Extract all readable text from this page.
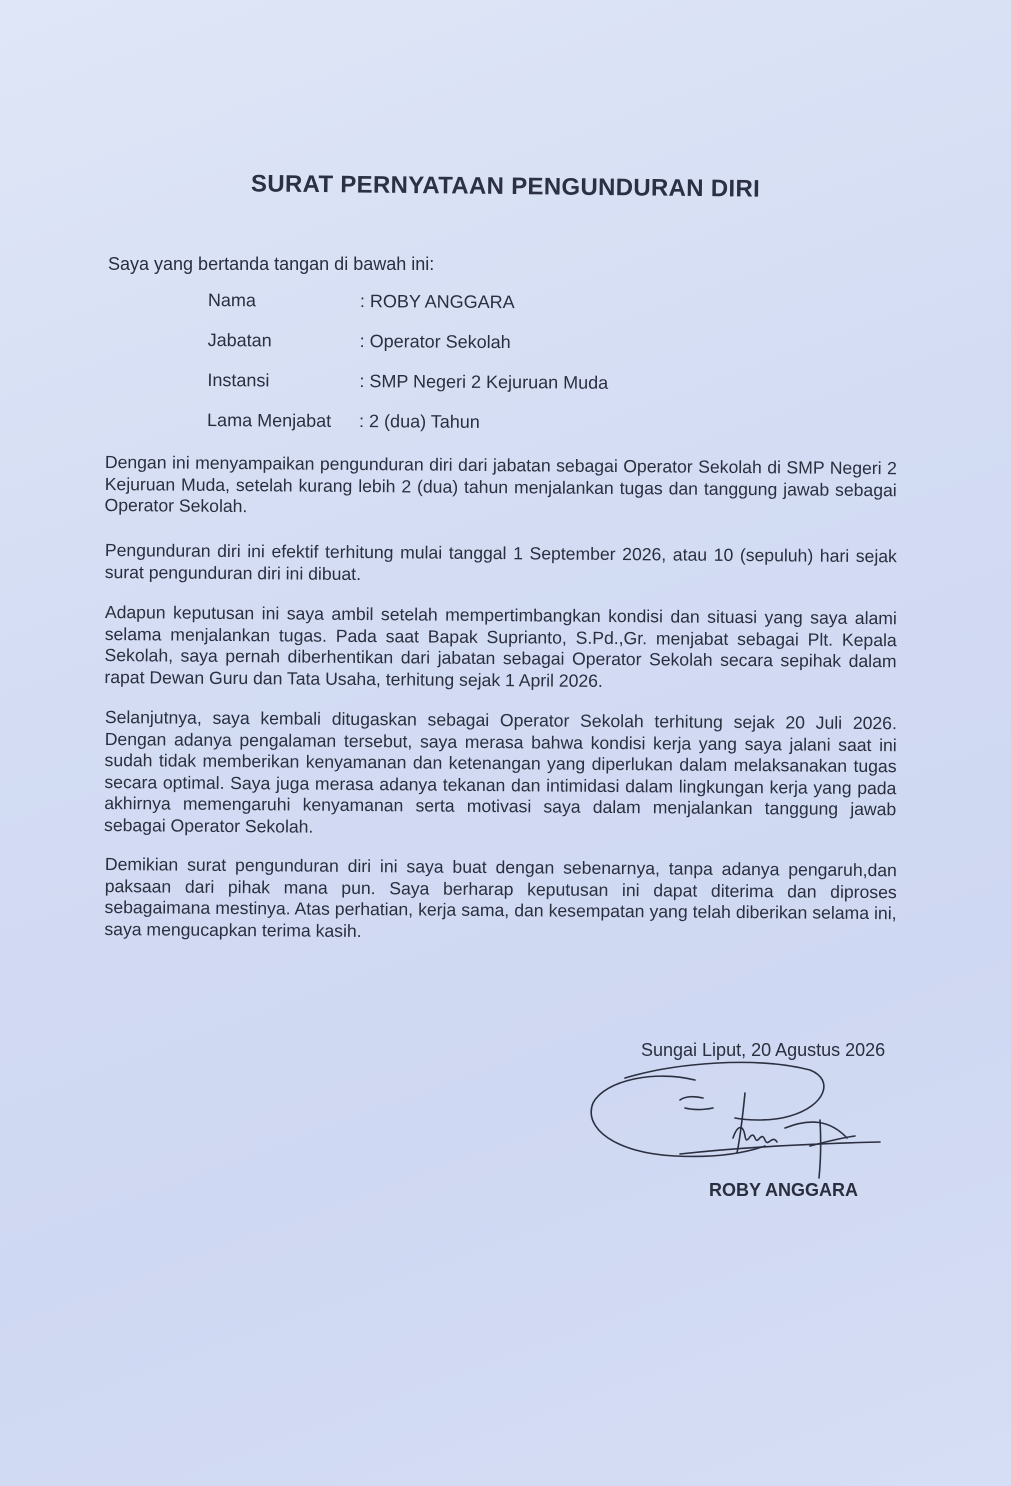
SURAT PERNYATAAN PENGUNDURAN DIRI
Saya yang bertanda tangan di bawah ini:
Nama	: ROBY ANGGARA
Jabatan	: Operator Sekolah
Instansi	: SMP Negeri 2 Kejuruan Muda
Lama Menjabat	: 2 (dua) Tahun
Dengan ini menyampaikan pengunduran diri dari jabatan sebagai Operator Sekolah di SMP Negeri 2 Kejuruan Muda, setelah kurang lebih 2 (dua) tahun menjalankan tugas dan tanggung jawab sebagai Operator Sekolah.
Pengunduran diri ini efektif terhitung mulai tanggal 1 September 2026, atau 10 (sepuluh) hari sejak surat pengunduran diri ini dibuat.
Adapun keputusan ini saya ambil setelah mempertimbangkan kondisi dan situasi yang saya alami selama menjalankan tugas. Pada saat Bapak Suprianto, S.Pd.,Gr. menjabat sebagai Plt. Kepala Sekolah, saya pernah diberhentikan dari jabatan sebagai Operator Sekolah secara sepihak dalam rapat Dewan Guru dan Tata Usaha, terhitung sejak 1 April 2026.
Selanjutnya, saya kembali ditugaskan sebagai Operator Sekolah terhitung sejak 20 Juli 2026. Dengan adanya pengalaman tersebut, saya merasa bahwa kondisi kerja yang saya jalani saat ini sudah tidak memberikan kenyamanan dan ketenangan yang diperlukan dalam melaksanakan tugas secara optimal. Saya juga merasa adanya tekanan dan intimidasi dalam lingkungan kerja yang pada akhirnya memengaruhi kenyamanan serta motivasi saya dalam menjalankan tanggung jawab sebagai Operator Sekolah.
Demikian surat pengunduran diri ini saya buat dengan sebenarnya, tanpa adanya pengaruh,dan paksaan dari pihak mana pun. Saya berharap keputusan ini dapat diterima dan diproses sebagaimana mestinya. Atas perhatian, kerja sama, dan kesempatan yang telah diberikan selama ini, saya mengucapkan terima kasih.
Sungai Liput, 20 Agustus 2026
ROBY ANGGARA
